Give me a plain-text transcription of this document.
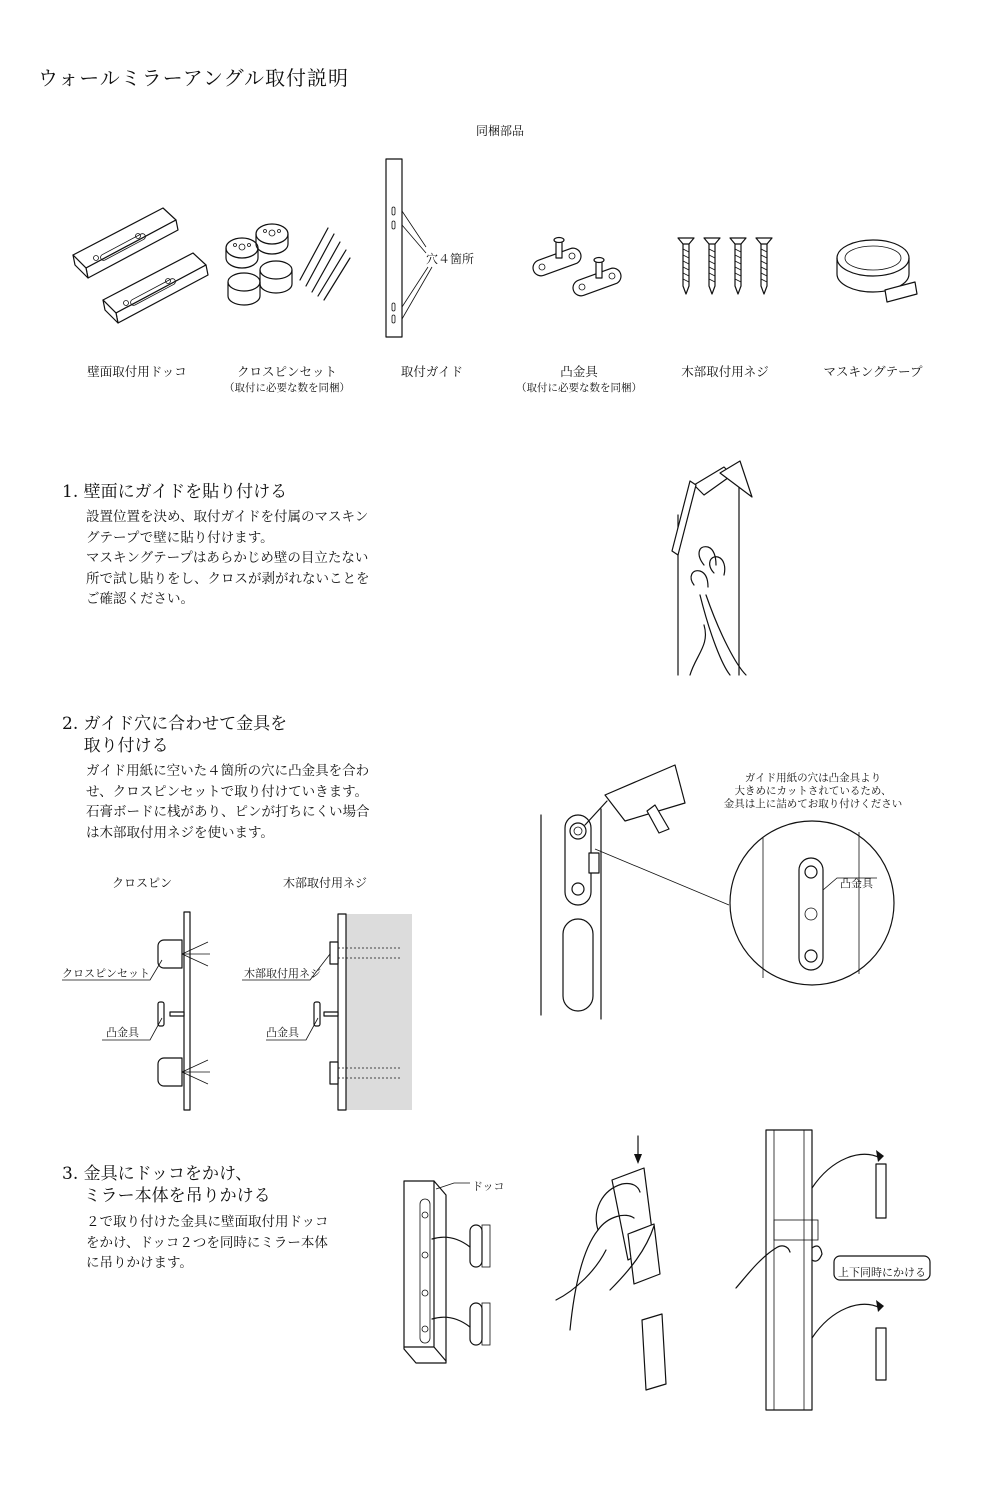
ウォールミラーアングル取付説明
同梱部品
穴４箇所
壁面取付用ドッコ	クロスピンセット
（取付に必要な数を同梱）
取付ガイド	凸金具
（取付に必要な数を同梱）
木部取付用ネジ	マスキングテープ
1. 壁面にガイドを貼り付ける
設置位置を決め、取付ガイドを付属のマスキン
グテープで壁に貼り付けます。
マスキングテープはあらかじめ壁の目立たない
所で試し貼りをし、クロスが剥がれないことを
ご確認ください。
2. ガイド穴に合わせて金具を
取り付ける
ガイド用紙に空いた４箇所の穴に凸金具を合わ
せ、クロスピンセットで取り付けていきます。
石膏ボードに桟があり、ピンが打ちにくい場合
は木部取付用ネジを使います。
クロスピン	木部取付用ネジ
クロスピンセット
凸金具
木部取付用ネジ
凸金具
ガイド用紙の穴は凸金具より
大きめにカットされているため、
金具は上に詰めてお取り付けください
凸金具
3. 金具にドッコをかけ、
ミラー本体を吊りかける
２で取り付けた金具に壁面取付用ドッコ
をかけ、ドッコ２つを同時にミラー本体
に吊りかけます。
ドッコ
上下同時にかける
